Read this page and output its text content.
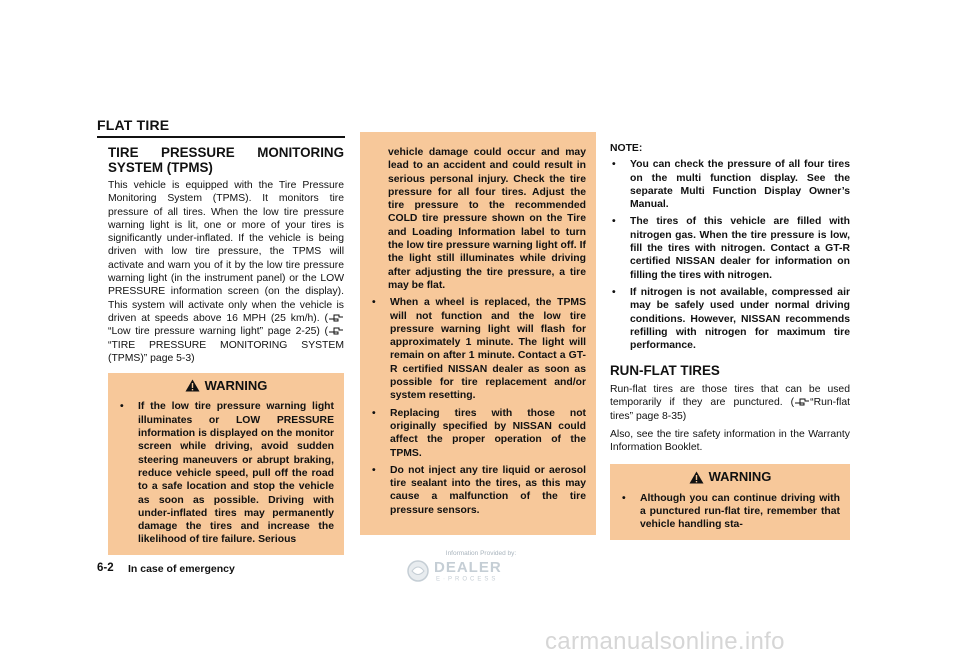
FLAT TIRE
TIRE PRESSURE MONITORING SYSTEM (TPMS)

This vehicle is equipped with the Tire Pressure Monitoring System (TPMS). It monitors tire pressure of all tires. When the low tire pressure warning light is lit, one or more of your tires is significantly under-inflated. If the vehicle is being driven with low tire pressure, the TPMS will activate and warn you of it by the low tire pressure warning light (in the instrument panel) or the LOW PRESSURE information screen (on the display). This system will activate only when the vehicle is driven at speeds above 16 MPH (25 km/h). (“Low tire pressure warning light” page 2-25) (“TIRE PRESSURE MONITORING SYSTEM (TPMS)” page 5-3)

WARNING
• If the low tire pressure warning light illuminates or LOW PRESSURE information is displayed on the monitor screen while driving, avoid sudden steering maneuvers or abrupt braking, reduce vehicle speed, pull off the road to a safe location and stop the vehicle as soon as possible. Driving with under-inflated tires may permanently damage the tires and increase the likelihood of tire failure. Serious
vehicle damage could occur and may lead to an accident and could result in serious personal injury. Check the tire pressure for all four tires. Adjust the tire pressure to the recommended COLD tire pressure shown on the Tire and Loading Information label to turn the low tire pressure warning light off. If the light still illuminates while driving after adjusting the tire pressure, a tire may be flat.
• When a wheel is replaced, the TPMS will not function and the low tire pressure warning light will flash for approximately 1 minute. The light will remain on after 1 minute. Contact a GT-R certified NISSAN dealer as soon as possible for tire replacement and/or system resetting.
• Replacing tires with those not originally specified by NISSAN could affect the proper operation of the TPMS.
• Do not inject any tire liquid or aerosol tire sealant into the tires, as this may cause a malfunction of the tire pressure sensors.
NOTE:
• You can check the pressure of all four tires on the multi function display. See the separate Multi Function Display Owner’s Manual.
• The tires of this vehicle are filled with nitrogen gas. When the tire pressure is low, fill the tires with nitrogen. Contact a GT-R certified NISSAN dealer for information on filling the tires with nitrogen.
• If nitrogen is not available, compressed air may be safely used under normal driving conditions. However, NISSAN recommends refilling with nitrogen for maximum tire performance.
RUN-FLAT TIRES

Run-flat tires are those tires that can be used temporarily if they are punctured. ( “Run-flat tires” page 8-35)

Also, see the tire safety information in the Warranty Information Booklet.

WARNING
• Although you can continue driving with a punctured run-flat tire, remember that vehicle handling sta-
6-2 In case of emergency
Information Provided by:
DEALER
E·PROCESS
carmanualsonline.info
